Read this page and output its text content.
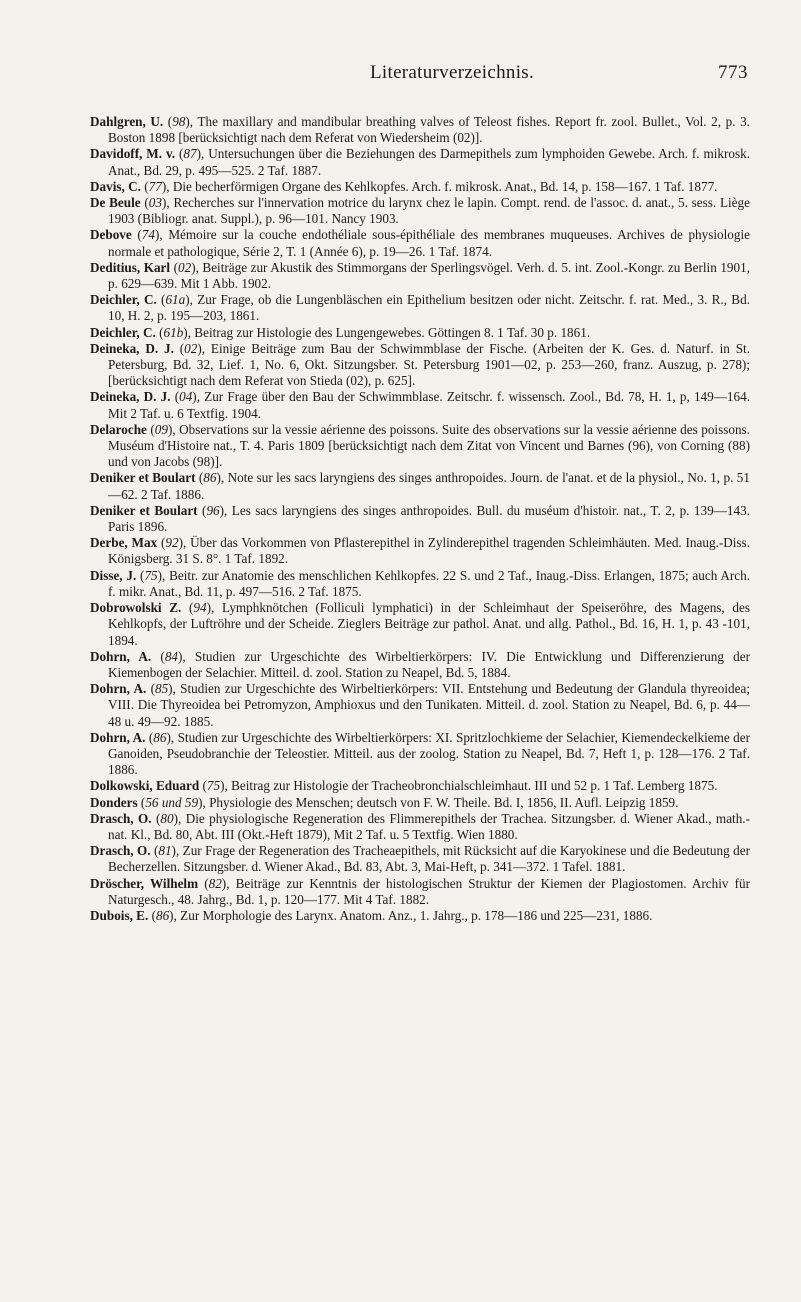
Literaturverzeichnis.	773

Dahlgren, U. (98), The maxillary and mandibular breathing valves of Teleost fishes. Report fr. zool. Bullet., Vol. 2, p. 3. Boston 1898 [berücksichtigt nach dem Referat von Wiedersheim (02)].

Davidoff, M. v. (87), Untersuchungen über die Beziehungen des Darmepithels zum lymphoiden Gewebe. Arch. f. mikrosk. Anat., Bd. 29, p. 495—525. 2 Taf. 1887.

Davis, C. (77), Die becherförmigen Organe des Kehlkopfes. Arch. f. mikrosk. Anat., Bd. 14, p. 158—167. 1 Taf. 1877.

De Beule (03), Recherches sur l'innervation motrice du larynx chez le lapin. Compt. rend. de l'assoc. d. anat., 5. sess. Liège 1903 (Bibliogr. anat. Suppl.), p. 96—101. Nancy 1903.

Debove (74), Mémoire sur la couche endothéliale sous-épithéliale des membranes muqueuses. Archives de physiologie normale et pathologique, Série 2, T. 1 (Année 6), p. 19—26. 1 Taf. 1874.

Deditius, Karl (02), Beiträge zur Akustik des Stimmorgans der Sperlingsvögel. Verh. d. 5. int. Zool.-Kongr. zu Berlin 1901, p. 629—639. Mit 1 Abb. 1902.

Deichler, C. (61a), Zur Frage, ob die Lungenbläschen ein Epithelium besitzen oder nicht. Zeitschr. f. rat. Med., 3. R., Bd. 10, H. 2, p. 195—203, 1861.

Deichler, C. (61b), Beitrag zur Histologie des Lungengewebes. Göttingen 8. 1 Taf. 30 p. 1861.

Deineka, D. J. (02), Einige Beiträge zum Bau der Schwimmblase der Fische. (Arbeiten der K. Ges. d. Naturf. in St. Petersburg, Bd. 32, Lief. 1, No. 6, Okt. Sitzungsber. St. Petersburg 1901—02, p. 253—260, franz. Auszug, p. 278); [berücksichtigt nach dem Referat von Stieda (02), p. 625].

Deineka, D. J. (04), Zur Frage über den Bau der Schwimmblase. Zeitschr. f. wissensch. Zool., Bd. 78, H. 1, p, 149—164. Mit 2 Taf. u. 6 Textfig. 1904.

Delaroche (09), Observations sur la vessie aérienne des poissons. Suite des observations sur la vessie aérienne des poissons. Muséum d'Histoire nat., T. 4. Paris 1809 [berücksichtigt nach dem Zitat von Vincent und Barnes (96), von Corning (88) und von Jacobs (98)].

Deniker et Boulart (86), Note sur les sacs laryngiens des singes anthropoides. Journ. de l'anat. et de la physiol., No. 1, p. 51—62. 2 Taf. 1886.

Deniker et Boulart (96), Les sacs laryngiens des singes anthropoides. Bull. du muséum d'histoir. nat., T. 2, p. 139—143. Paris 1896.

Derbe, Max (92), Über das Vorkommen von Pflasterepithel in Zylinderepithel tragenden Schleimhäuten. Med. Inaug.-Diss. Königsberg. 31 S. 8°. 1 Taf. 1892.

Disse, J. (75), Beitr. zur Anatomie des menschlichen Kehlkopfes. 22 S. und 2 Taf., Inaug.-Diss. Erlangen, 1875; auch Arch. f. mikr. Anat., Bd. 11, p. 497—516. 2 Taf. 1875.

Dobrowolski Z. (94), Lymphknötchen (Folliculi lymphatici) in der Schleimhaut der Speiseröhre, des Magens, des Kehlkopfs, der Luftröhre und der Scheide. Zieglers Beiträge zur pathol. Anat. und allg. Pathol., Bd. 16, H. 1, p. 43 -101, 1894.

Dohrn, A. (84), Studien zur Urgeschichte des Wirbeltierkörpers: IV. Die Entwicklung und Differenzierung der Kiemenbogen der Selachier. Mitteil. d. zool. Station zu Neapel, Bd. 5, 1884.

Dohrn, A. (85), Studien zur Urgeschichte des Wirbeltierkörpers: VII. Entstehung und Bedeutung der Glandula thyreoidea; VIII. Die Thyreoidea bei Petromyzon, Amphioxus und den Tunikaten. Mitteil. d. zool. Station zu Neapel, Bd. 6, p. 44—48 u. 49—92. 1885.

Dohrn, A. (86), Studien zur Urgeschichte des Wirbeltierkörpers: XI. Spritzlochkieme der Selachier, Kiemendeckelkieme der Ganoiden, Pseudobranchie der Teleostier. Mitteil. aus der zoolog. Station zu Neapel, Bd. 7, Heft 1, p. 128—176. 2 Taf. 1886.

Dolkowski, Eduard (75), Beitrag zur Histologie der Tracheobronchialschleimhaut. III und 52 p. 1 Taf. Lemberg 1875.

Donders (56 und 59), Physiologie des Menschen; deutsch von F. W. Theile. Bd. I, 1856, II. Aufl. Leipzig 1859.

Drasch, O. (80), Die physiologische Regeneration des Flimmerepithels der Trachea. Sitzungsber. d. Wiener Akad., math.-nat. Kl., Bd. 80, Abt. III (Okt.-Heft 1879), Mit 2 Taf. u. 5 Textfig. Wien 1880.

Drasch, O. (81), Zur Frage der Regeneration des Tracheaepithels, mit Rücksicht auf die Karyokinese und die Bedeutung der Becherzellen. Sitzungsber. d. Wiener Akad., Bd. 83, Abt. 3, Mai-Heft, p. 341—372. 1 Tafel. 1881.

Dröscher, Wilhelm (82), Beiträge zur Kenntnis der histologischen Struktur der Kiemen der Plagiostomen. Archiv für Naturgesch., 48. Jahrg., Bd. 1, p. 120—177. Mit 4 Taf. 1882.

Dubois, E. (86), Zur Morphologie des Larynx. Anatom. Anz., 1. Jahrg., p. 178—186 und 225—231, 1886.
